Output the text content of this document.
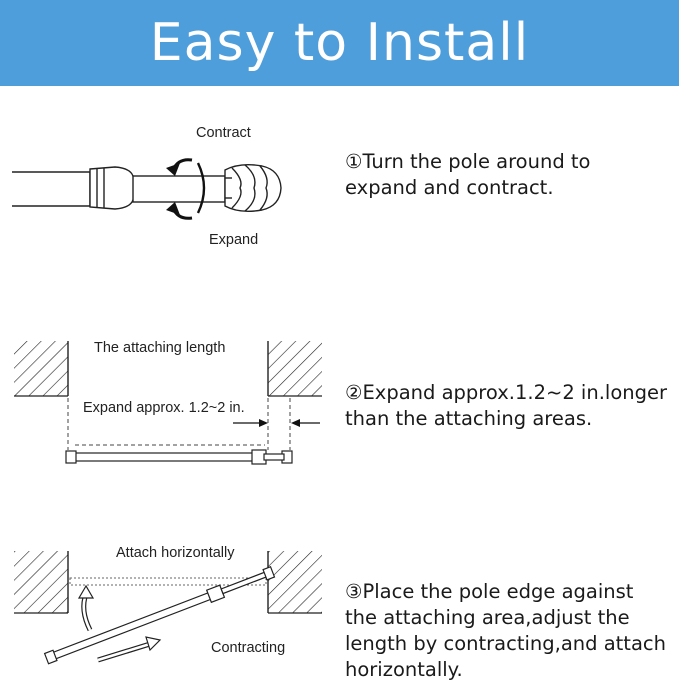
Easy to Install
Contract
Expand
①Turn the pole around to
expand and contract.
The attaching length
Expand approx. 1.2~2 in.
②Expand approx.1.2~2 in.longer
than the attaching areas.
Attach horizontally
Contracting
③Place the pole edge against
the attaching area,adjust the
length by contracting,and attach
horizontally.
